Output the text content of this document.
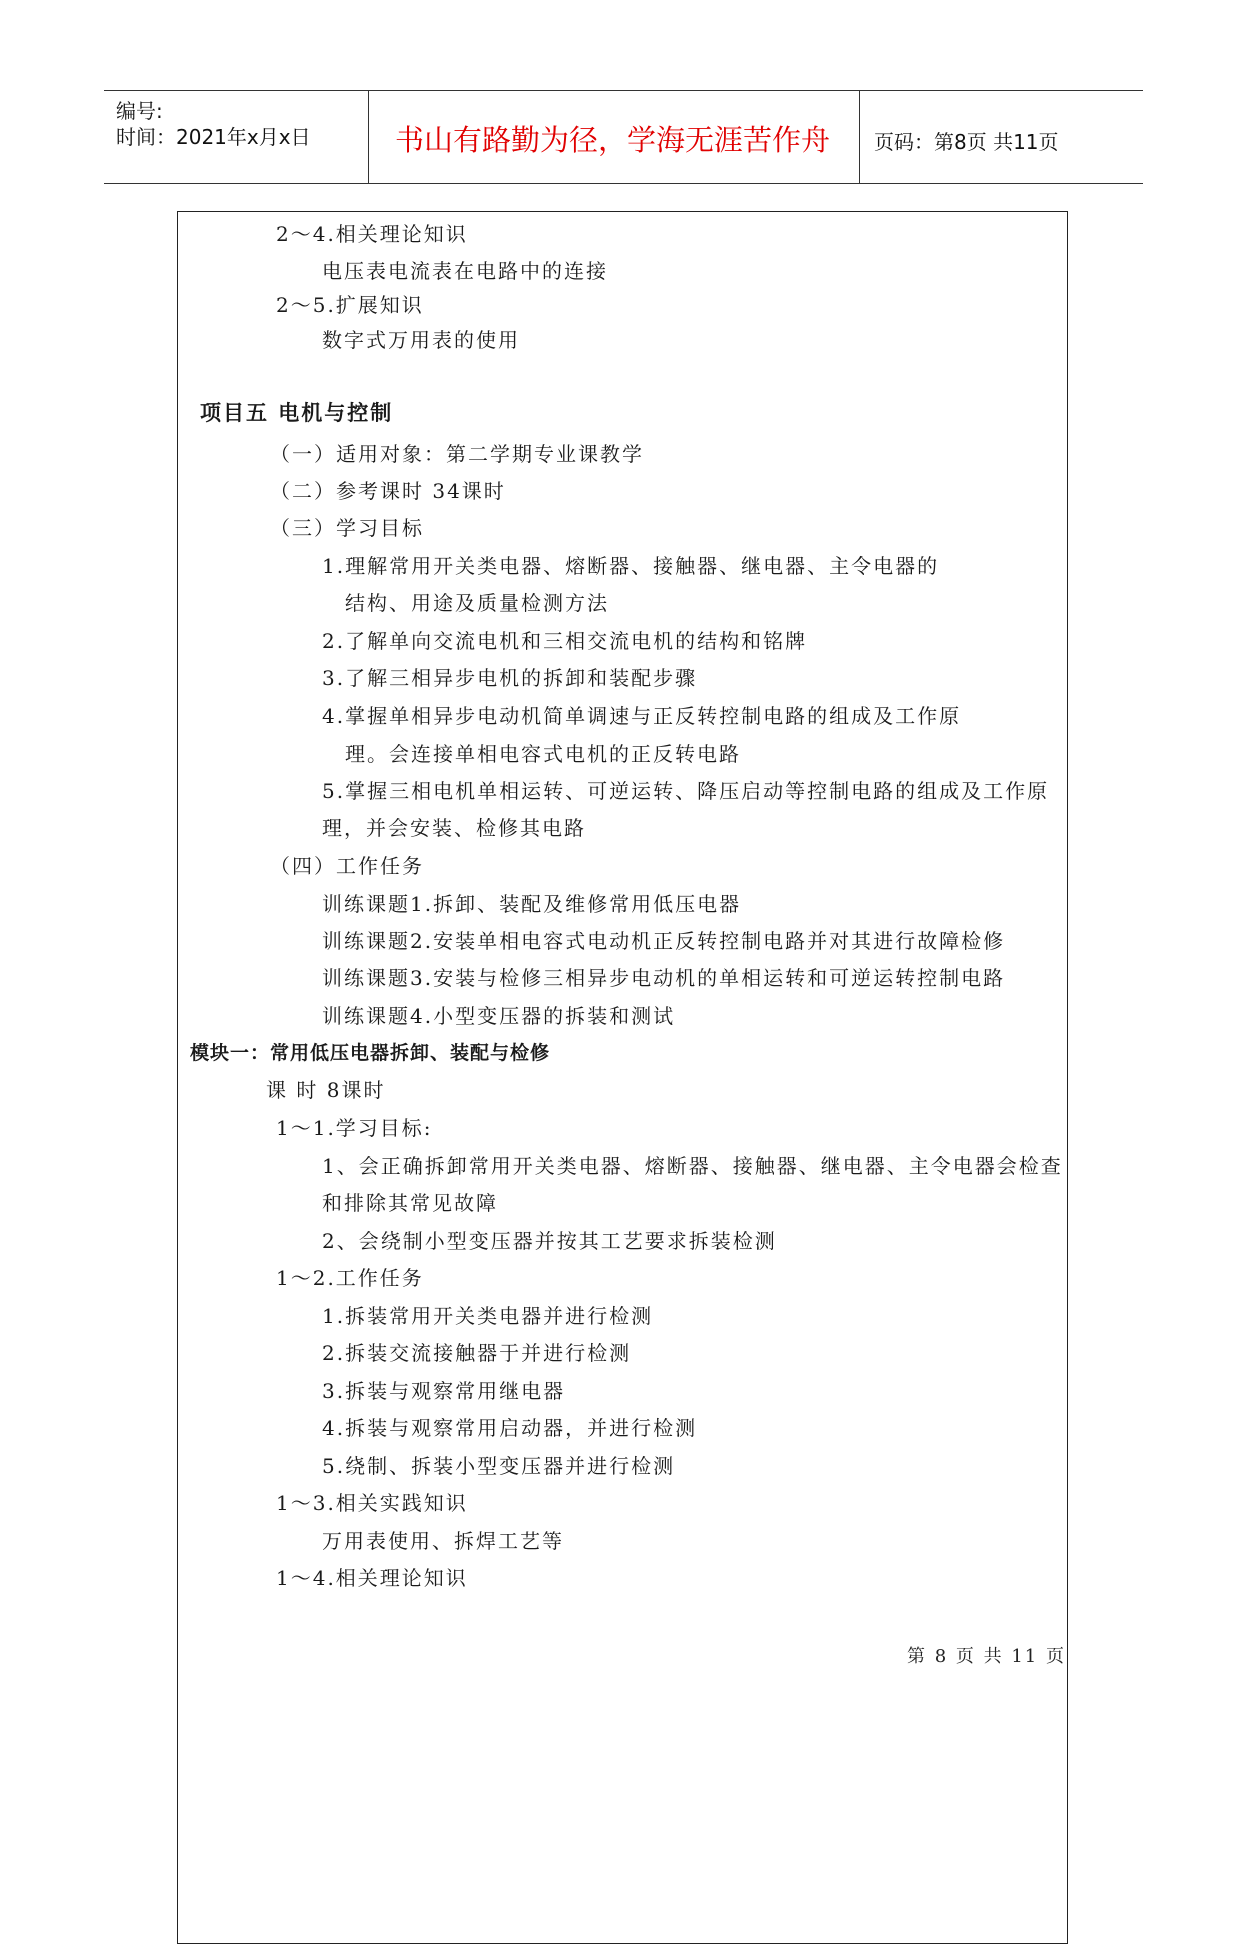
编号:
时间：2021年x月x日	书山有路勤为径，学海无涯苦作舟 页码：第8页 共11页
2～4.相关理论知识
电压表电流表在电路中的连接
2～5.扩展知识
数字式万用表的使用
项目五 电机与控制
（一）适用对象：第二学期专业课教学
（二）参考课时 34课时
（三）学习目标
1.理解常用开关类电器、熔断器、接触器、继电器、主令电器的
结构、用途及质量检测方法
2.了解单向交流电机和三相交流电机的结构和铭牌
3.了解三相异步电机的拆卸和装配步骤
4.掌握单相异步电动机简单调速与正反转控制电路的组成及工作原
理。会连接单相电容式电机的正反转电路
5.掌握三相电机单相运转、可逆运转、降压启动等控制电路的组成及工作原
理，并会安装、检修其电路
（四）工作任务
训练课题1.拆卸、装配及维修常用低压电器
训练课题2.安装单相电容式电动机正反转控制电路并对其进行故障检修
训练课题3.安装与检修三相异步电动机的单相运转和可逆运转控制电路
训练课题4.小型变压器的拆装和测试
模块一：常用低压电器拆卸、装配与检修
课 时 8课时
1～1.学习目标:
1、会正确拆卸常用开关类电器、熔断器、接触器、继电器、主令电器会检查
和排除其常见故障
2、会绕制小型变压器并按其工艺要求拆装检测
1～2.工作任务
1.拆装常用开关类电器并进行检测
2.拆装交流接触器于并进行检测
3.拆装与观察常用继电器
4.拆装与观察常用启动器，并进行检测
5.绕制、拆装小型变压器并进行检测
1～3.相关实践知识
万用表使用、拆焊工艺等
1～4.相关理论知识
第 8 页 共 11 页
